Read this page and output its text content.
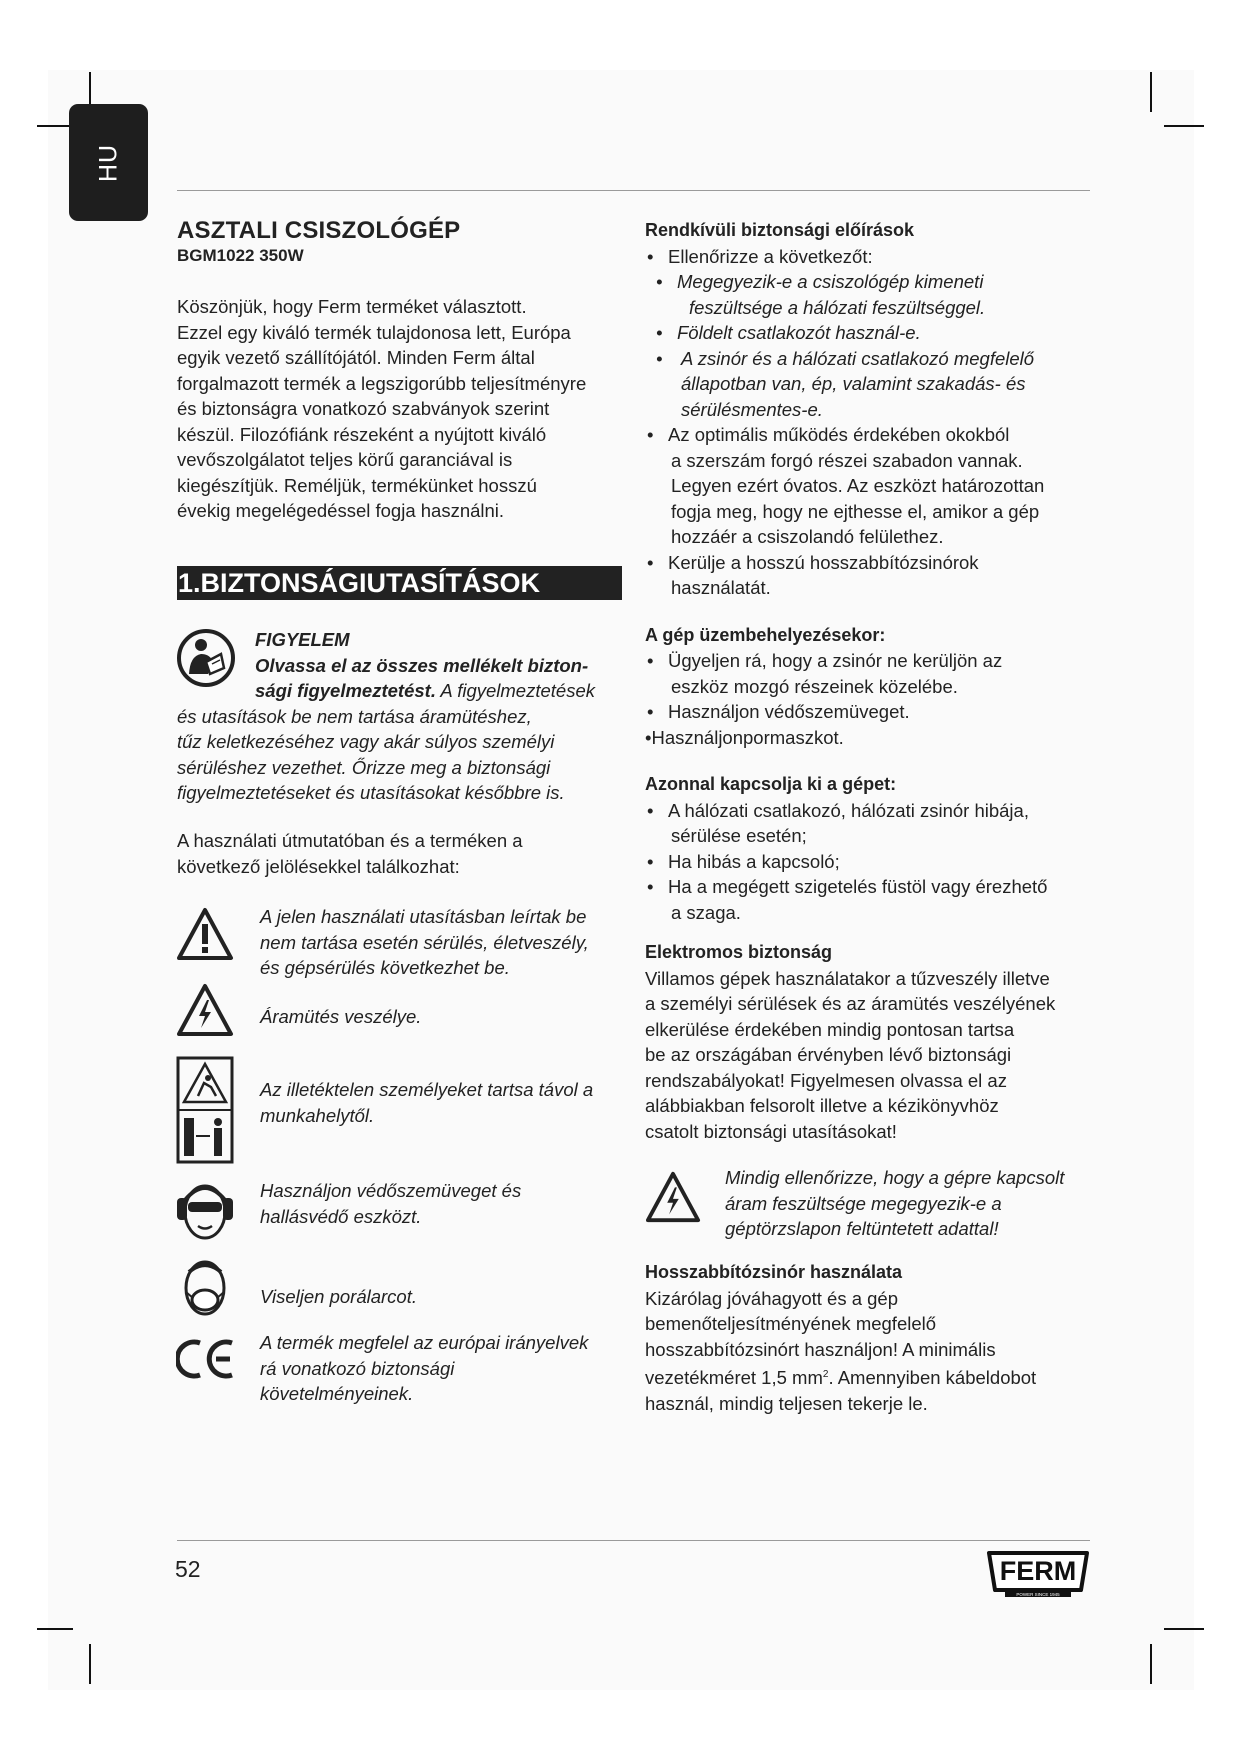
HU
ASZTALI CSISZOLÓGÉP
BGM1022 350W

Köszönjük, hogy Ferm terméket választott.

Ezzel egy kiváló termék tulajdonosa lett, Európa

egyik vezető szállítójától. Minden Ferm által

forgalmazott termék a legszigorúbb teljesítményre

és biztonságra vonatkozó szabványok szerint

készül. Filozófiánk részeként a nyújtott kiváló

vevőszolgálatot teljes körű garanciával is

kiegészítjük. Reméljük, termékünket hosszú

évekig megelégedéssel fogja használni.

1.BIZTONSÁGIUTASÍTÁSOK

FIGYELEM

Olvassa el az összes mellékelt bizton-

sági figyelmeztetést. A figyelmeztetések

és utasítások be nem tartása áramütéshez,

tűz keletkezéséhez vagy akár súlyos személyi

sérüléshez vezethet. Őrizze meg a biztonsági

figyelmeztetéseket és utasításokat későbbre is.

A használati útmutatóban és a terméken a

következő jelölésekkel találkozhat:

A jelen használati utasításban leírtak be

nem tartása esetén sérülés, életveszély,

és gépsérülés következhet be.

Áramütés veszélye.

Az illetéktelen személyeket tartsa távol a

munkahelytől.

Használjon védőszemüveget és

hallásvédő eszközt.

Viseljen porálarcot.

A termék megfelel az európai irányelvek

rá vonatkozó biztonsági

követelményeinek.

Rendkívüli biztonsági előírások

• Ellenőrizze a következőt:
• Megegyezik-e a csiszológép kimeneti
feszültsége a hálózati feszültséggel.
• Földelt csatlakozót használ-e.
• A zsinór és a hálózati csatlakozó megfelelő
állapotban van, ép, valamint szakadás- és
sérülésmentes-e.
• Az optimális működés érdekében okokból
a szerszám forgó részei szabadon vannak.
Legyen ezért óvatos. Az eszközt határozottan
fogja meg, hogy ne ejthesse el, amikor a gép
hozzáér a csiszolandó felülethez.
• Kerülje a hosszú hosszabbítózsinórok
használatát.

A gép üzembehelyezésekor:

• Ügyeljen rá, hogy a zsinór ne kerüljön az
eszköz mozgó részeinek közelébe.
• Használjon védőszemüveget.

•Használjonpormaszkot.

Azonnal kapcsolja ki a gépet:

• A hálózati csatlakozó, hálózati zsinór hibája,
sérülése esetén;
• Ha hibás a kapcsoló;
• Ha a megégett szigetelés füstöl vagy érezhető
a szaga.

Elektromos biztonság

Villamos gépek használatakor a tűzveszély illetve

a személyi sérülések és az áramütés veszélyének

elkerülése érdekében mindig pontosan tartsa

be az országában érvényben lévő biztonsági

rendszabályokat! Figyelmesen olvassa el az

alábbiakban felsorolt illetve a kézikönyvhöz

csatolt biztonsági utasításokat!

Mindig ellenőrizze, hogy a gépre kapcsolt

áram feszültsége megegyezik-e a

géptörzslapon feltüntetett adattal!

Hosszabbítózsinór használata

Kizárólag jóváhagyott és a gép

bemenőteljesítményének megfelelő

hosszabbítózsinórt használjon! A minimális

vezetékméret 1,5 $mm^2$. Amennyiben kábeldobot

használ, mindig teljesen tekerje le.

52	FERM
POWER SINCE 1945
